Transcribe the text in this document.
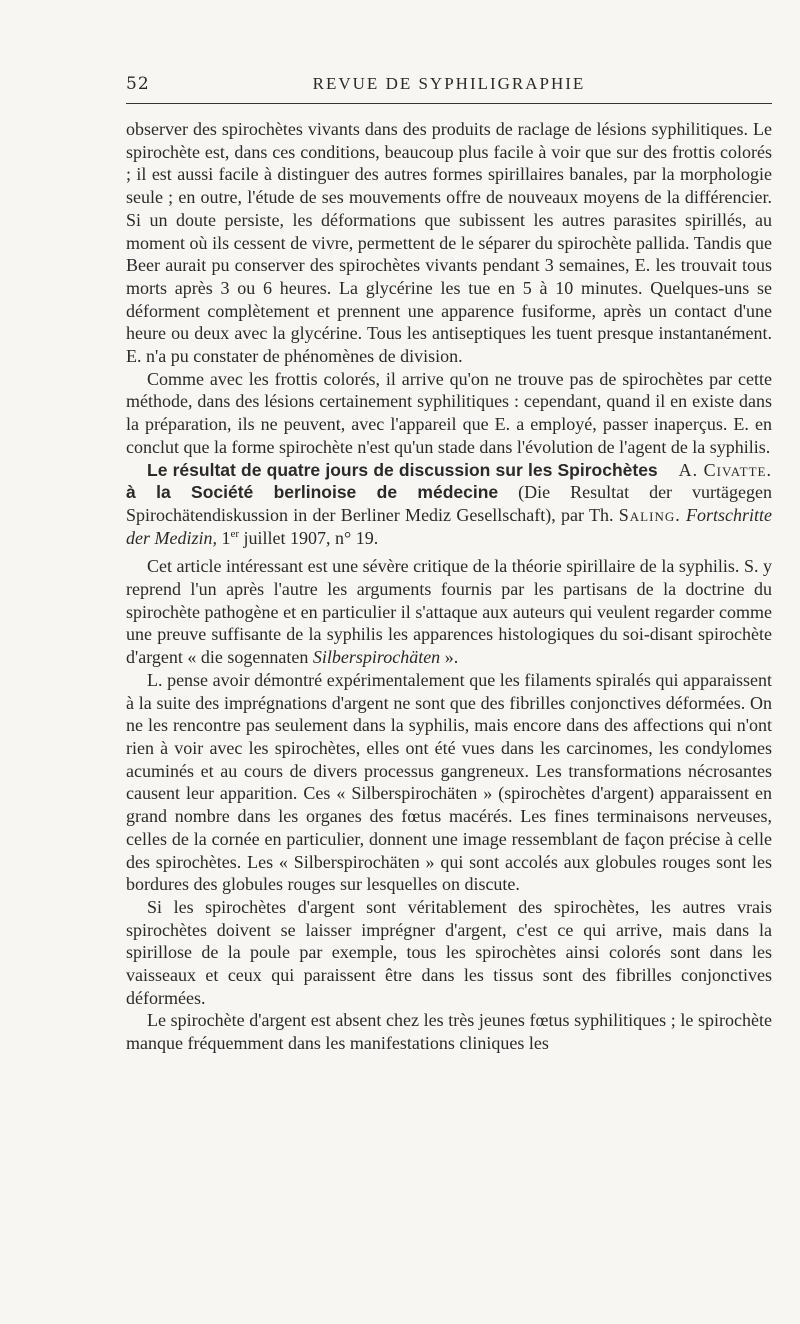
52	REVUE DE SYPHILIGRAPHIE

observer des spirochètes vivants dans des produits de raclage de lésions syphilitiques. Le spirochète est, dans ces conditions, beaucoup plus facile à voir que sur des frottis colorés ; il est aussi facile à distinguer des autres formes spirillaires banales, par la morphologie seule ; en outre, l'étude de ses mouvements offre de nouveaux moyens de la différencier. Si un doute persiste, les déformations que subissent les autres parasites spirillés, au moment où ils cessent de vivre, permettent de le séparer du spirochète pallida. Tandis que Beer aurait pu conserver des spirochètes vivants pendant 3 semaines, E. les trouvait tous morts après 3 ou 6 heures. La glycérine les tue en 5 à 10 minutes. Quelques-uns se déforment complètement et prennent une apparence fusiforme, après un contact d'une heure ou deux avec la glycérine. Tous les antiseptiques les tuent presque instantanément. E. n'a pu constater de phénomènes de division.

Comme avec les frottis colorés, il arrive qu'on ne trouve pas de spirochètes par cette méthode, dans des lésions certainement syphilitiques : cependant, quand il en existe dans la préparation, ils ne peuvent, avec l'appareil que E. a employé, passer inaperçus. E. en conclut que la forme spirochète n'est qu'un stade dans l'évolution de l'agent de la syphilis.
A. Civatte.

Le résultat de quatre jours de discussion sur les Spirochètes à la Société berlinoise de médecine (Die Resultat der vurtägegen Spirochätendiskussion in der Berliner Mediz Gesellschaft), par Th. Saling. Fortschritte der Medizin, 1er juillet 1907, n° 19.

Cet article intéressant est une sévère critique de la théorie spirillaire de la syphilis. S. y reprend l'un après l'autre les arguments fournis par les partisans de la doctrine du spirochète pathogène et en particulier il s'attaque aux auteurs qui veulent regarder comme une preuve suffisante de la syphilis les apparences histologiques du soi-disant spirochète d'argent « die sogennaten Silberspirochäten ».

L. pense avoir démontré expérimentalement que les filaments spiralés qui apparaissent à la suite des imprégnations d'argent ne sont que des fibrilles conjonctives déformées. On ne les rencontre pas seulement dans la syphilis, mais encore dans des affections qui n'ont rien à voir avec les spirochètes, elles ont été vues dans les carcinomes, les condylomes acuminés et au cours de divers processus gangreneux. Les transformations nécrosantes causent leur apparition. Ces « Silberspirochäten » (spirochètes d'argent) apparaissent en grand nombre dans les organes des fœtus macérés. Les fines terminaisons nerveuses, celles de la cornée en particulier, donnent une image ressemblant de façon précise à celle des spirochètes. Les « Silberspirochäten » qui sont accolés aux globules rouges sont les bordures des globules rouges sur lesquelles on discute.

Si les spirochètes d'argent sont véritablement des spirochètes, les autres vrais spirochètes doivent se laisser imprégner d'argent, c'est ce qui arrive, mais dans la spirillose de la poule par exemple, tous les spirochètes ainsi colorés sont dans les vaisseaux et ceux qui paraissent être dans les tissus sont des fibrilles conjonctives déformées.

Le spirochète d'argent est absent chez les très jeunes fœtus syphilitiques ; le spirochète manque fréquemment dans les manifestations cliniques les
